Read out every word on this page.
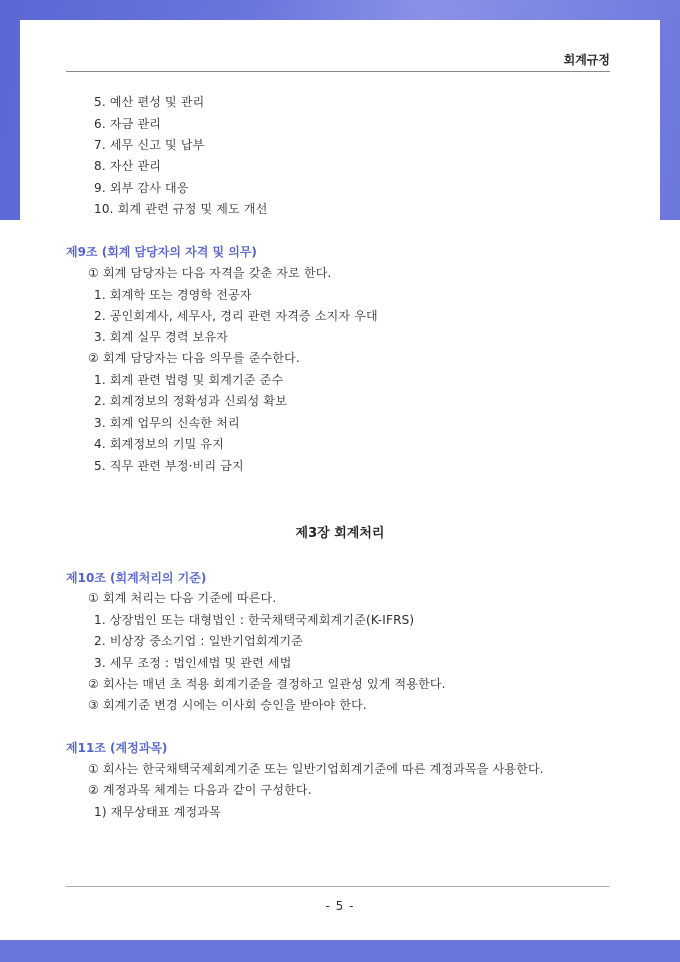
회계규정
5. 예산 편성 및 관리
6. 자금 관리
7. 세무 신고 및 납부
8. 자산 관리
9. 외부 감사 대응
10. 회계 관련 규정 및 제도 개선
제9조 (회계 담당자의 자격 및 의무)
① 회계 담당자는 다음 자격을 갖춘 자로 한다.
1. 회계학 또는 경영학 전공자
2. 공인회계사, 세무사, 경리 관련 자격증 소지자 우대
3. 회계 실무 경력 보유자
② 회계 담당자는 다음 의무를 준수한다.
1. 회계 관련 법령 및 회계기준 준수
2. 회계정보의 정확성과 신뢰성 확보
3. 회계 업무의 신속한 처리
4. 회계정보의 기밀 유지
5. 직무 관련 부정·비리 금지
제3장 회계처리
제10조 (회계처리의 기준)
① 회계 처리는 다음 기준에 따른다.
1. 상장법인 또는 대형법인 : 한국채택국제회계기준(K-IFRS)
2. 비상장 중소기업 : 일반기업회계기준
3. 세무 조정 : 법인세법 및 관련 세법
② 회사는 매년 초 적용 회계기준을 결정하고 일관성 있게 적용한다.
③ 회계기준 변경 시에는 이사회 승인을 받아야 한다.
제11조 (계정과목)
① 회사는 한국채택국제회계기준 또는 일반기업회계기준에 따른 계정과목을 사용한다.
② 계정과목 체계는 다음과 같이 구성한다.
1) 재무상태표 계정과목
- 5 -
